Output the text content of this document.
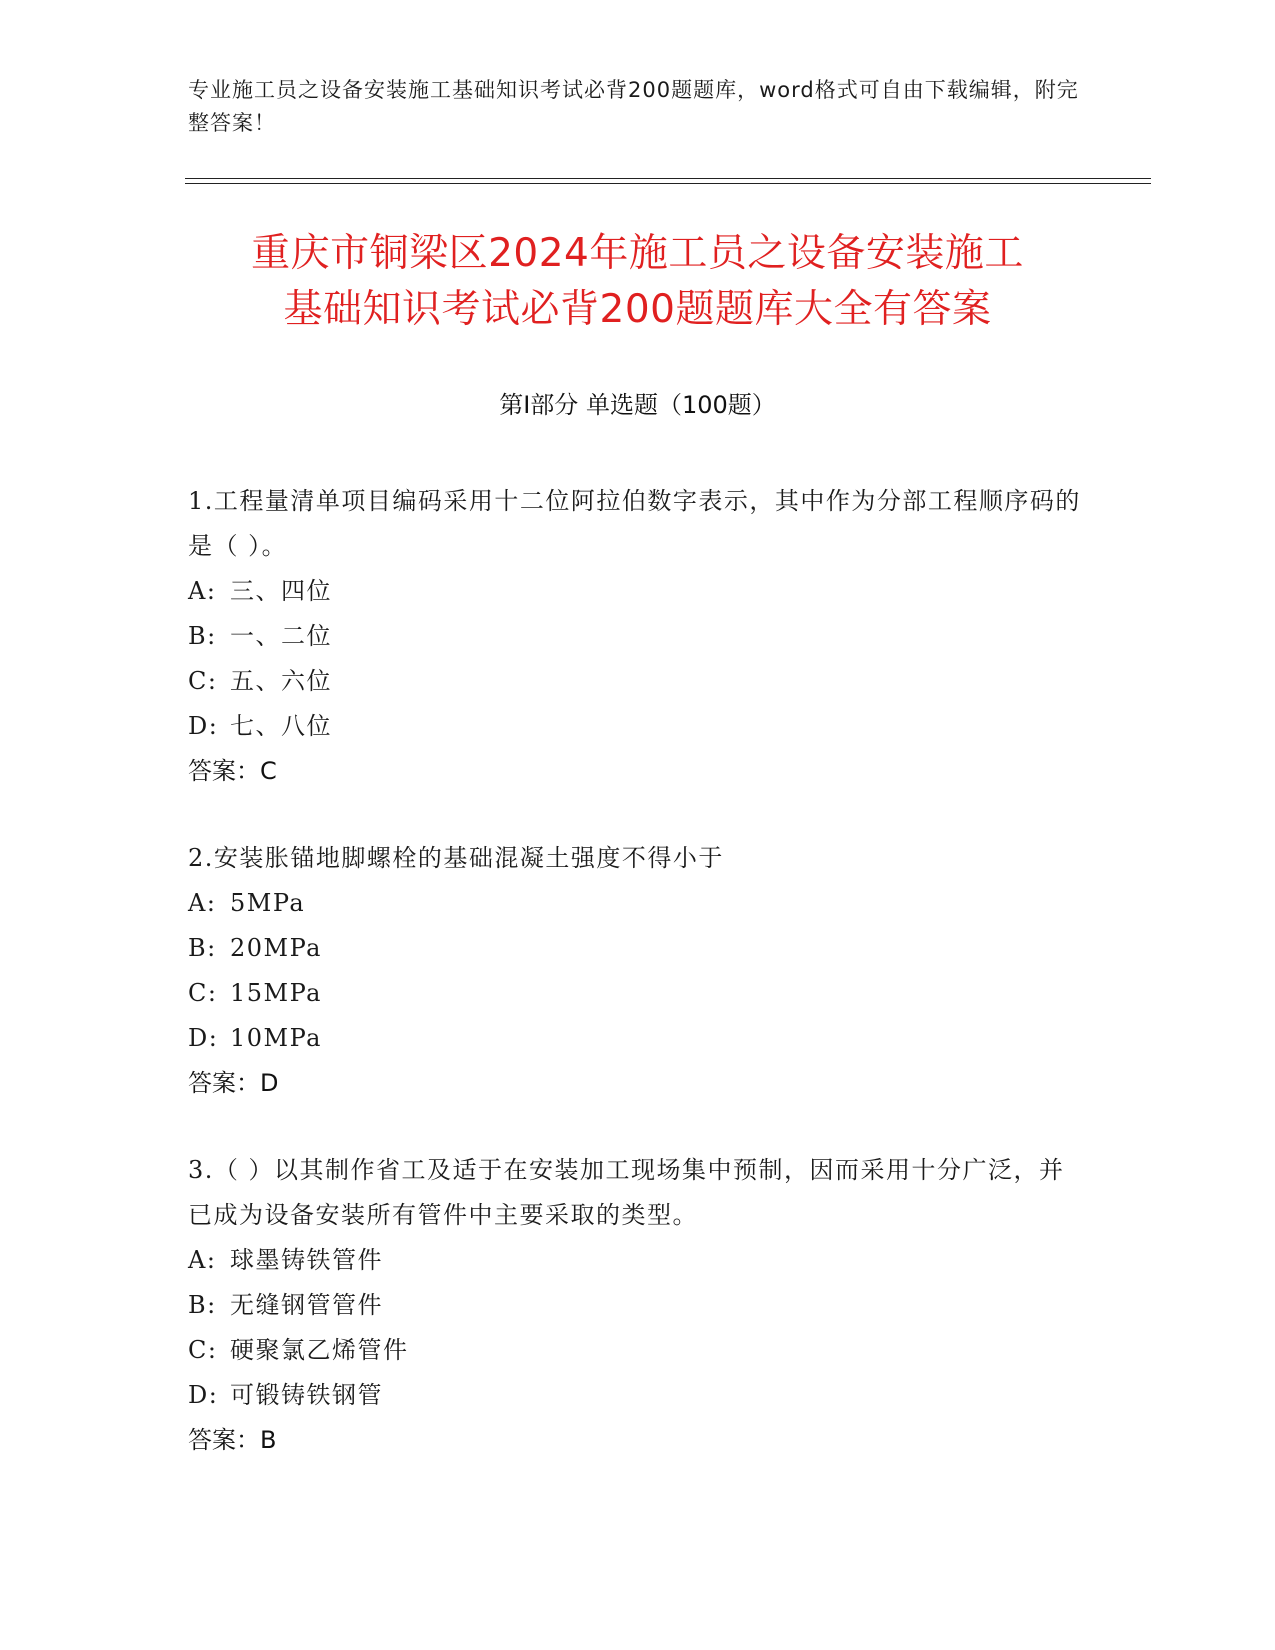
专业施工员之设备安装施工基础知识考试必背200题题库，word格式可自由下载编辑，附完整答案！
重庆市铜梁区2024年施工员之设备安装施工
基础知识考试必背200题题库大全有答案
第Ⅰ部分 单选题（100题）
1.工程量清单项目编码采用十二位阿拉伯数字表示，其中作为分部工程顺序码的是（ ）。
A: 三、四位
B: 一、二位
C: 五、六位
D: 七、八位
答案：C
2.安装胀锚地脚螺栓的基础混凝土强度不得小于
A: 5MPa
B: 20MPa
C: 15MPa
D: 10MPa
答案：D
3.（ ）以其制作省工及适于在安装加工现场集中预制，因而采用十分广泛，并已成为设备安装所有管件中主要采取的类型。
A: 球墨铸铁管件
B: 无缝钢管管件
C: 硬聚氯乙烯管件
D: 可锻铸铁钢管
答案：B
